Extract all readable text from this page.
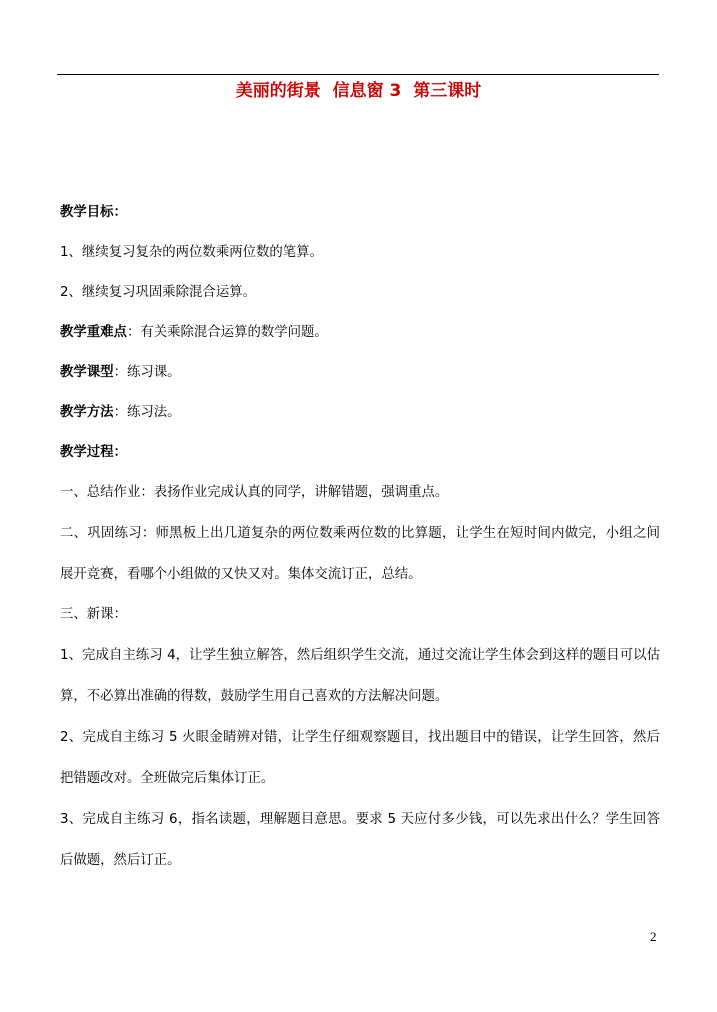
美丽的街景  信息窗 3  第三课时

教学目标：

1、继续复习复杂的两位数乘两位数的笔算。

2、继续复习巩固乘除混合运算。

教学重难点：有关乘除混合运算的数学问题。

教学课型：练习课。

教学方法：练习法。

教学过程：

一、总结作业：表扬作业完成认真的同学，讲解错题，强调重点。

二、巩固练习：师黑板上出几道复杂的两位数乘两位数的比算题，让学生在短时间内做完，小组之间展开竞赛，看哪个小组做的又快又对。集体交流订正，总结。

三、新课：

1、完成自主练习 4，让学生独立解答，然后组织学生交流，通过交流让学生体会到这样的题目可以估算，不必算出准确的得数，鼓励学生用自己喜欢的方法解决问题。

2、完成自主练习 5 火眼金睛辨对错，让学生仔细观察题目，找出题目中的错误，让学生回答，然后把错题改对。全班做完后集体订正。

3、完成自主练习 6，指名读题，理解题目意思。要求 5 天应付多少钱，可以先求出什么？学生回答后做题，然后订正。

2
